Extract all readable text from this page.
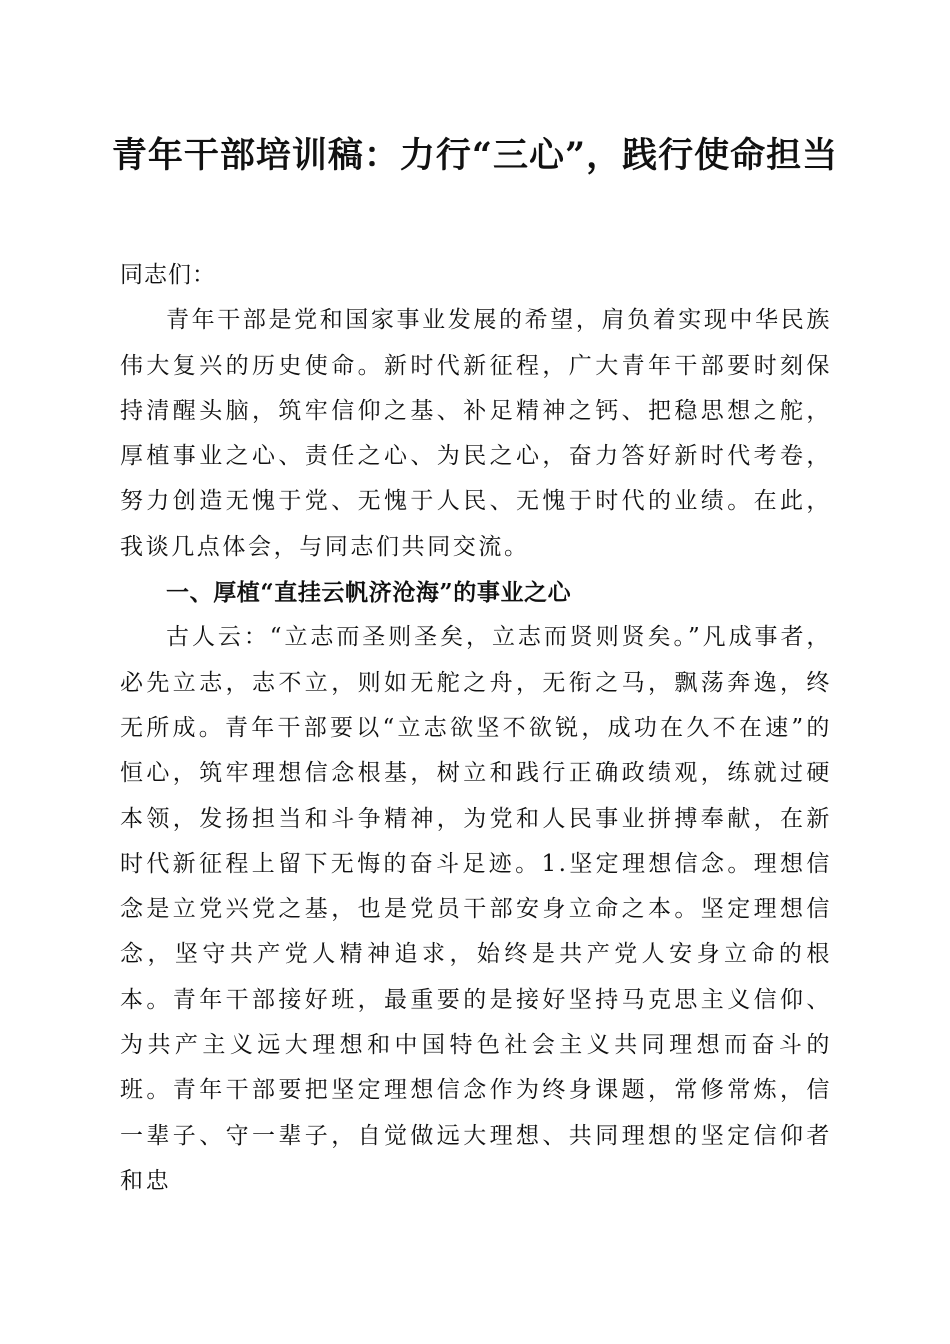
青年干部培训稿：力行“三心”，践行使命担当

同志们：

青年干部是党和国家事业发展的希望，肩负着实现中华民族伟大复兴的历史使命。新时代新征程，广大青年干部要时刻保持清醒头脑，筑牢信仰之基、补足精神之钙、把稳思想之舵，厚植事业之心、责任之心、为民之心，奋力答好新时代考卷，努力创造无愧于党、无愧于人民、无愧于时代的业绩。在此，我谈几点体会，与同志们共同交流。

一、厚植“直挂云帆济沧海”的事业之心

古人云：“立志而圣则圣矣，立志而贤则贤矣。”凡成事者，必先立志，志不立，则如无舵之舟，无衔之马，飘荡奔逸，终无所成。青年干部要以“立志欲坚不欲锐，成功在久不在速”的恒心，筑牢理想信念根基，树立和践行正确政绩观，练就过硬本领，发扬担当和斗争精神，为党和人民事业拼搏奉献，在新时代新征程上留下无悔的奋斗足迹。1.坚定理想信念。理想信念是立党兴党之基，也是党员干部安身立命之本。坚定理想信念，坚守共产党人精神追求，始终是共产党人安身立命的根本。青年干部接好班，最重要的是接好坚持马克思主义信仰、为共产主义远大理想和中国特色社会主义共同理想而奋斗的班。青年干部要把坚定理想信念作为终身课题，常修常炼，信一辈子、守一辈子，自觉做远大理想、共同理想的坚定信仰者和忠
